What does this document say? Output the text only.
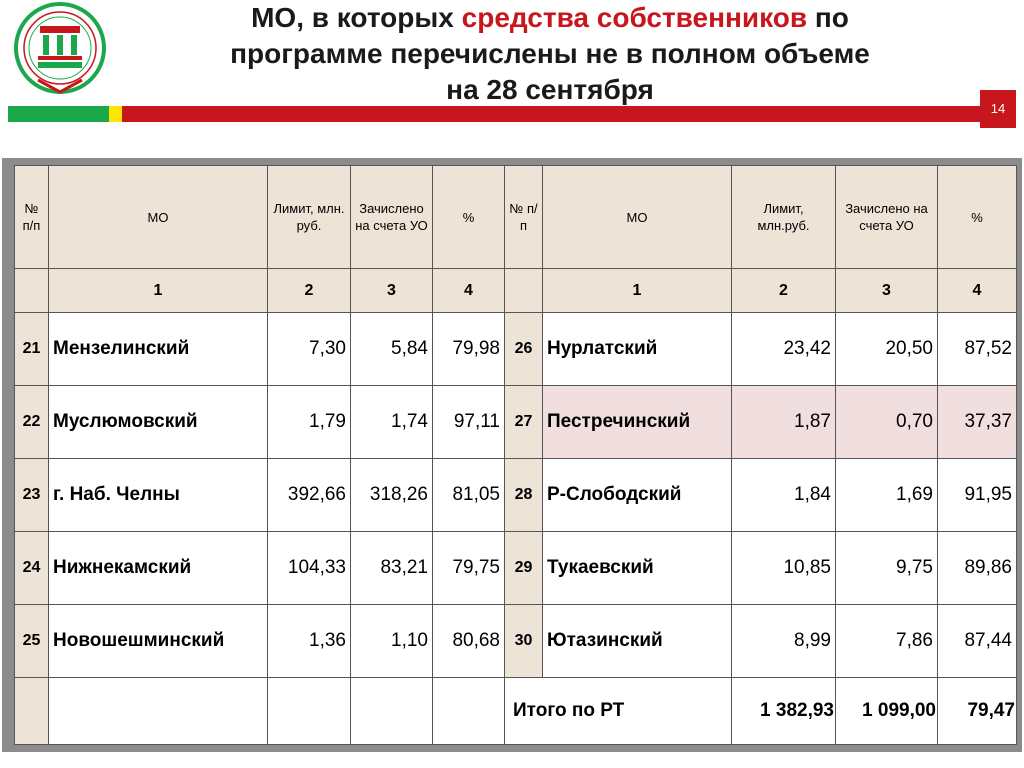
МО, в которых средства собственников по
программе перечислены не в полном объеме
на 28 сентября
14
№ п/п	МО	Лимит, млн. руб.	Зачислено на счета УО	%	№ п/п	МО	Лимит, млн.руб.	Зачислено на счета УО	%
	1	2	3	4		1	2	3	4
21	Мензелинский	7,30	5,84	79,98	26	Нурлатский	23,42	20,50	87,52
22	Муслюмовский	1,79	1,74	97,11	27	Пестречинский	1,87	0,70	37,37
23	г. Наб. Челны	392,66	318,26	81,05	28	Р-Слободский	1,84	1,69	91,95
24	Нижнекамский	104,33	83,21	79,75	29	Тукаевский	10,85	9,75	89,86
25	Новошешминский	1,36	1,10	80,68	30	Ютазинский	8,99	7,86	87,44
					Итого по РТ		1 382,93	1 099,00	79,47
